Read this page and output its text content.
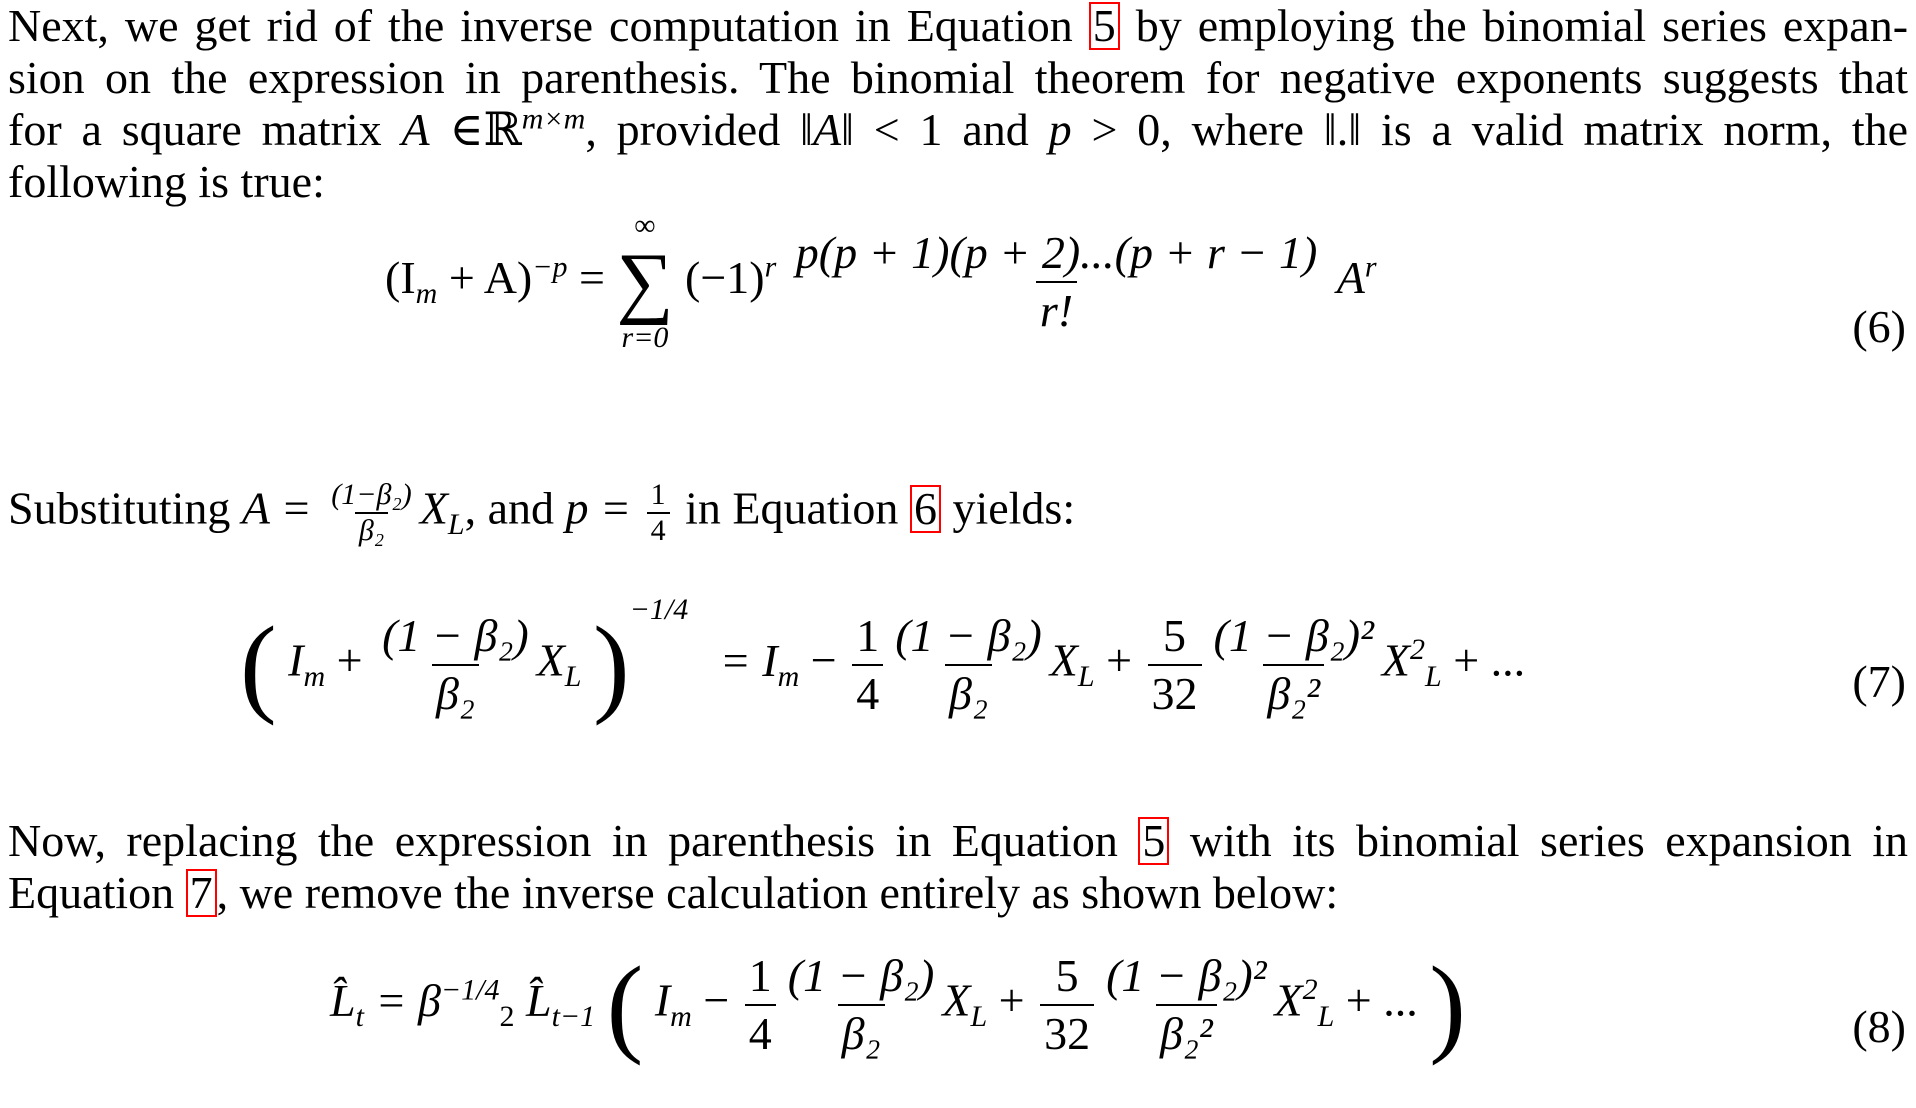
Next, we get rid of the inverse computation in Equation 5 by employing the binomial series expan-
sion on the expression in parenthesis. The binomial theorem for negative exponents suggests that
for a square matrix A ∈ℝ$^{m\times m}$, provided ‖A‖ < 1 and p > 0, where ‖.‖ is a valid matrix norm, the
following is true:
$(I_m + A)^{-p}$ =
∞
∑
r=0
$(-1)^r \frac{p(p + 1)(p + 2)...(p + r - 1)}{r!} A^r$
(6)
Substituting $A = \frac{\text{(1−β₂)}}{\text{β₂}} X_L$, and $p = \frac{1}{4}$ in Equation 6 yields:
( $I_m + \frac{\text{(1 − β₂)}}{\text{β₂}} X_L$ )$^{-1/4} = I_m - \frac{1}{4} \frac{\text{(1 − β₂)}}{\text{β₂}} X_L + \frac{5}{32} \frac{\text{(1 − β₂)²}}{\text{β₂²}} X^2_L$ + ...	(7)
Now, replacing the expression in parenthesis in Equation 5 with its binomial series expansion in
Equation 7, we remove the inverse calculation entirely as shown below:
$L̂_t = \beta^{-1/4}_2$ $L̂_{t-1}$ ( $I_m - \frac{1}{4} \frac{\text{(1 − β₂)}}{\text{β₂}} X_L + \frac{5}{32} \frac{\text{(1 − β₂)²}}{\text{β₂²}} X^2_L$ + ... )	(8)
